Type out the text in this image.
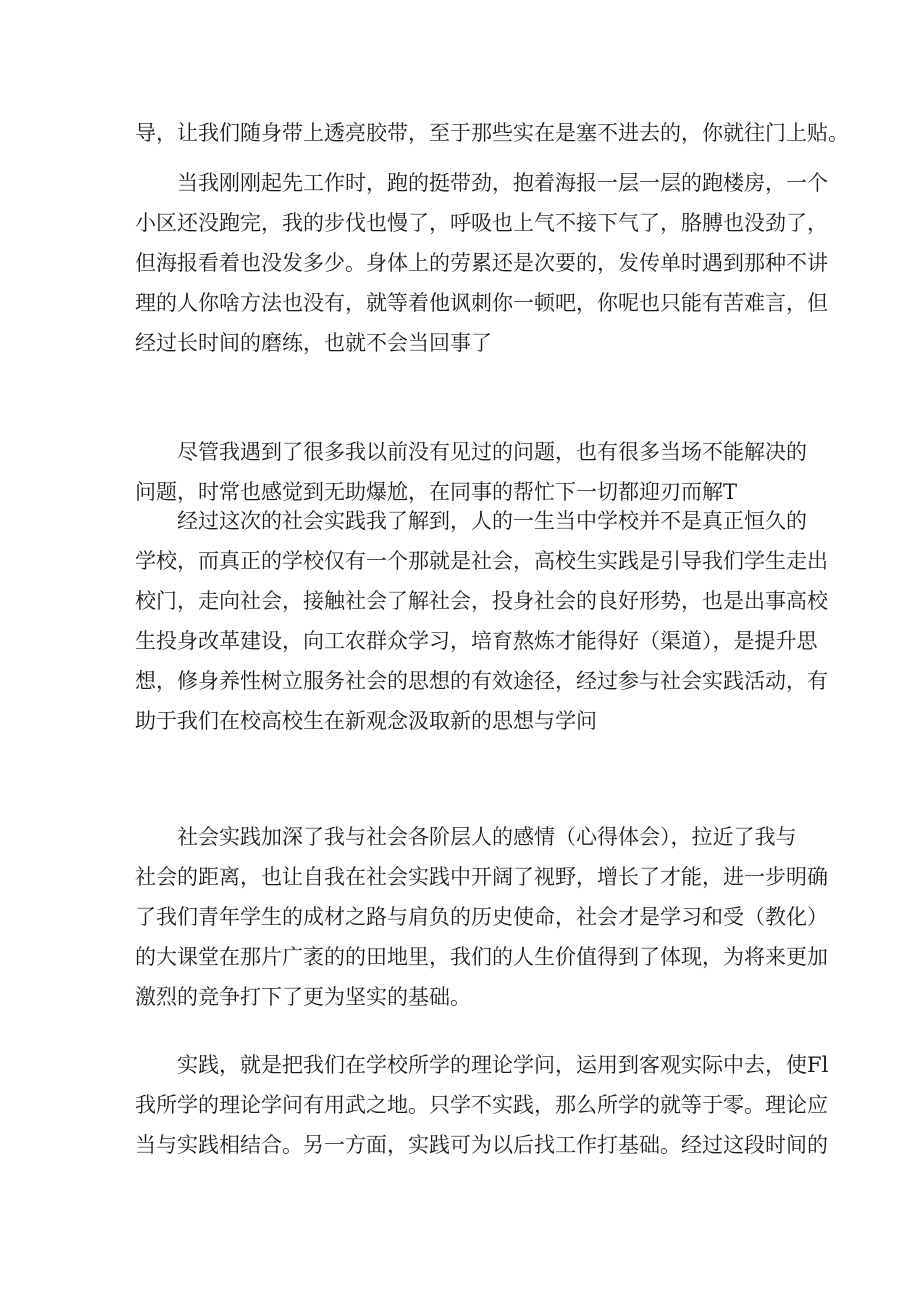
导，让我们随身带上透亮胶带，至于那些实在是塞不进去的，你就往门上贴。
当我刚刚起先工作时，跑的挺带劲，抱着海报一层一层的跑楼房，一个
小区还没跑完，我的步伐也慢了，呼吸也上气不接下气了，胳膊也没劲了，
但海报看着也没发多少。身体上的劳累还是次要的，发传单时遇到那种不讲
理的人你啥方法也没有，就等着他讽刺你一顿吧，你呢也只能有苦难言，但
经过长时间的磨练，也就不会当回事了
尽管我遇到了很多我以前没有见过的问题，也有很多当场不能解决的
问题，时常也感觉到无助爆尬，在同事的帮忙下一切都迎刃而解T
经过这次的社会实践我了解到，人的一生当中学校并不是真正恒久的
学校，而真正的学校仅有一个那就是社会，高校生实践是引导我们学生走出
校门，走向社会，接触社会了解社会，投身社会的良好形势，也是出事高校
生投身改革建设，向工农群众学习，培育熬炼才能得好（渠道），是提升思
想，修身养性树立服务社会的思想的有效途径，经过参与社会实践活动，有
助于我们在校高校生在新观念汲取新的思想与学问
社会实践加深了我与社会各阶层人的感情（心得体会），拉近了我与
社会的距离，也让自我在社会实践中开阔了视野，增长了才能，进一步明确
了我们青年学生的成材之路与肩负的历史使命，社会才是学习和受（教化）
的大课堂在那片广袤的的田地里，我们的人生价值得到了体现，为将来更加
激烈的竞争打下了更为坚实的基础。
实践，就是把我们在学校所学的理论学问，运用到客观实际中去，使Fl
我所学的理论学问有用武之地。只学不实践，那么所学的就等于零。理论应
当与实践相结合。另一方面，实践可为以后找工作打基础。经过这段时间的
